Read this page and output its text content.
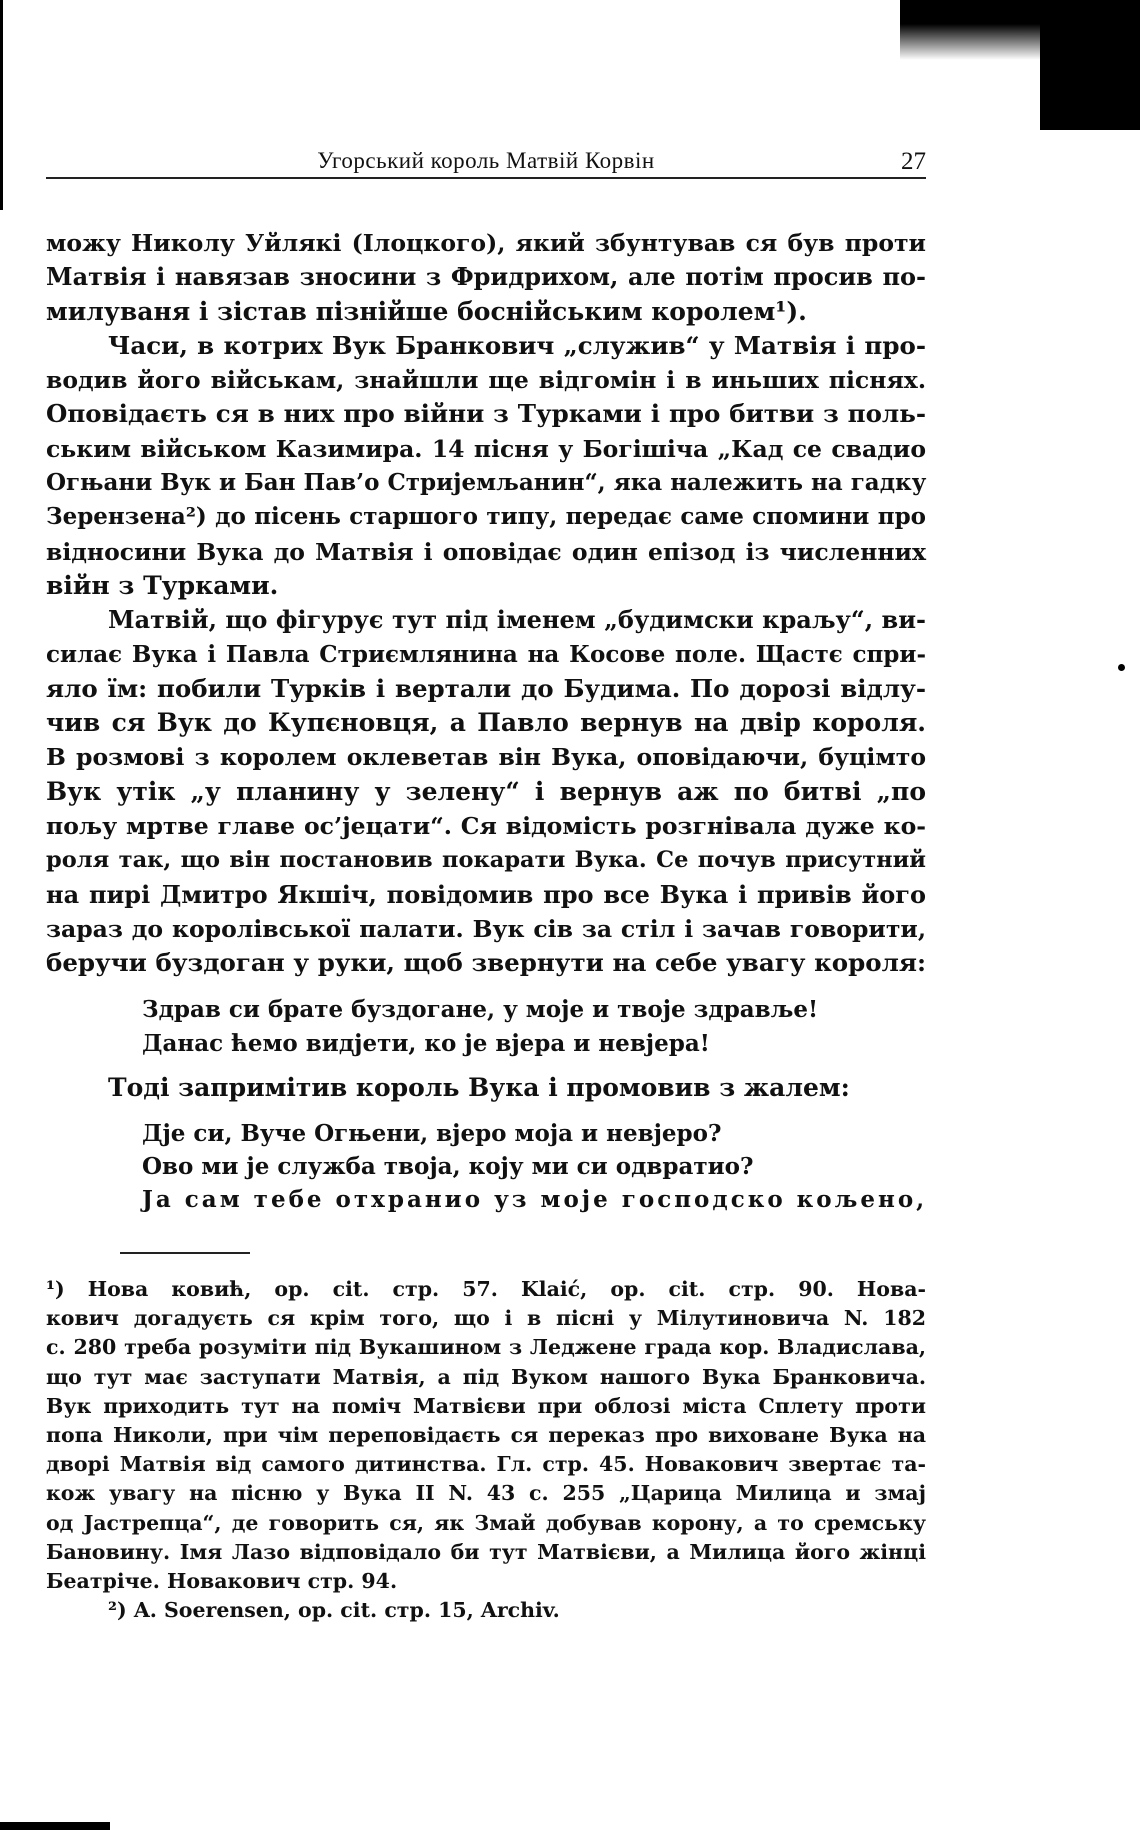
Угорський король Матвій Корвін	27
можу Николу Уйлякі (Ілоцкого), який збунтував ся був проти
Матвія і навязав зносини з Фридрихом, але потім просив по-
милуваня і зістав пізнійше боснійським королем¹).
Часи, в котрих Вук Бранкович „служив“ у Матвія і про-
водив його військам, знайшли ще відгомін і в иньших піснях.
Оповідаєть ся в них про війни з Турками і про битви з поль-
ським військом Казимира. 14 пісня у Богішіча „Кад се свадио
Огњани Вук и Бан Пав’о Стријемљанин“, яка належить на гадку
Зерензена²) до пісень старшого типу, передає саме спомини про
відносини Вука до Матвія і оповідає один епізод із численних
війн з Турками.
Матвій, що фігурує тут під іменем „будимски краљу“, ви-
силає Вука і Павла Стриємлянина на Косове поле. Щастє спри-
яло їм: побили Турків і вертали до Будима. По дорозі відлу-
чив ся Вук до Купєновця, а Павло вернув на двір короля.
В розмові з королем оклеветав він Вука, оповідаючи, буцімто
Вук утік „у планину у зелену“ і вернув аж по битві „по
пољу мртве главе ос’јецати“. Ся відомість розгнівала дуже ко-
роля так, що він постановив покарати Вука. Се почув присутний
на пирі Дмитро Якшіч, повідомив про все Вука і привів його
зараз до королівської палати. Вук сів за стіл і зачав говорити,
беручи буздоган у руки, щоб звернути на себе увагу короля:
Здрав си брате буздогане, у моје и твоје здравље!
Данас ћемо видјети, ко је вјера и невјера!
Тоді запримітив король Вука і промовив з жалем:
Дје си, Вуче Огњени, вјеро моја и невјеро?
Ово ми је служба твоја, коју ми си одвратио?
Ја сам тебе отхранио уз моје господско кољено,
¹) Нова ковић, op. cit. стр. 57. Klaić, op. cit. стр. 90. Нова-
кович догадуєть ся крім того, що і в пісні у Мілутиновича N. 182
с. 280 треба розуміти під Вукашином з Леджене града кор. Владислава,
що тут має заступати Матвія, а під Вуком нашого Вука Бранковича.
Вук приходить тут на поміч Матвієви при облозі міста Сплету проти
попа Николи, при чім переповідаєть ся переказ про виховане Вука на
дворі Матвія від самого дитинства. Гл. стр. 45. Новакович звертає та-
кож увагу на пісню у Вука II N. 43 с. 255 „Царица Милица и змај
од Јастрепца“, де говорить ся, як Змай добував корону, а то сремську
Бановину. Імя Лазо відповідало би тут Матвієви, а Милица його жінці
Беатріче. Новакович стр. 94.
²) A. Soerensen, op. cit. стр. 15, Archiv.
